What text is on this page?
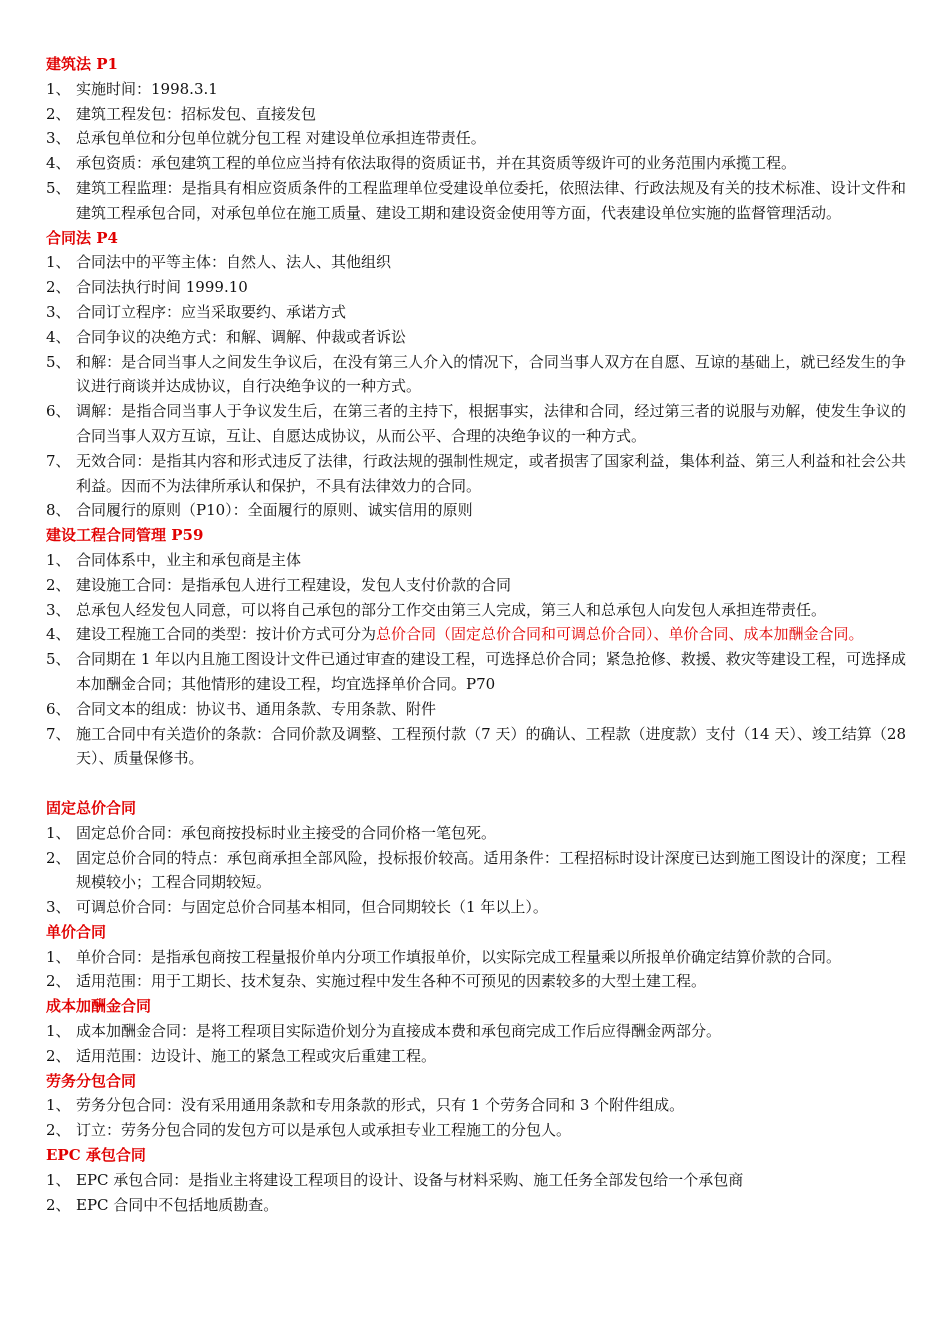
建筑法 P1
1、 实施时间：1998.3.1
2、 建筑工程发包：招标发包、直接发包
3、 总承包单位和分包单位就分包工程 对建设单位承担连带责任。
4、 承包资质：承包建筑工程的单位应当持有依法取得的资质证书，并在其资质等级许可的业务范围内承揽工程。
5、 建筑工程监理：是指具有相应资质条件的工程监理单位受建设单位委托，依照法律、行政法规及有关的技术标准、设计文件和建筑工程承包合同，对承包单位在施工质量、建设工期和建设资金使用等方面，代表建设单位实施的监督管理活动。
合同法 P4
1、 合同法中的平等主体：自然人、法人、其他组织
2、 合同法执行时间 1999.10
3、 合同订立程序：应当采取要约、承诺方式
4、 合同争议的决绝方式：和解、调解、仲裁或者诉讼
5、 和解：是合同当事人之间发生争议后，在没有第三人介入的情况下，合同当事人双方在自愿、互谅的基础上，就已经发生的争议进行商谈并达成协议，自行决绝争议的一种方式。
6、 调解：是指合同当事人于争议发生后，在第三者的主持下，根据事实，法律和合同，经过第三者的说服与劝解，使发生争议的合同当事人双方互谅，互让、自愿达成协议，从而公平、合理的决绝争议的一种方式。
7、 无效合同：是指其内容和形式违反了法律，行政法规的强制性规定，或者损害了国家利益，集体利益、第三人利益和社会公共利益。因而不为法律所承认和保护，不具有法律效力的合同。
8、 合同履行的原则（P10）：全面履行的原则、诚实信用的原则
建设工程合同管理 P59
1、 合同体系中，业主和承包商是主体
2、 建设施工合同：是指承包人进行工程建设，发包人支付价款的合同
3、 总承包人经发包人同意，可以将自己承包的部分工作交由第三人完成，第三人和总承包人向发包人承担连带责任。
4、 建设工程施工合同的类型：按计价方式可分为总价合同（固定总价合同和可调总价合同）、单价合同、成本加酬金合同。
5、 合同期在 1 年以内且施工图设计文件已通过审查的建设工程，可选择总价合同；紧急抢修、救援、救灾等建设工程，可选择成本加酬金合同；其他情形的建设工程，均宜选择单价合同。P70
6、 合同文本的组成：协议书、通用条款、专用条款、附件
7、 施工合同中有关造价的条款：合同价款及调整、工程预付款（7 天）的确认、工程款（进度款）支付（14 天）、竣工结算（28 天）、质量保修书。
固定总价合同
1、 固定总价合同：承包商按投标时业主接受的合同价格一笔包死。
2、 固定总价合同的特点：承包商承担全部风险，投标报价较高。适用条件：工程招标时设计深度已达到施工图设计的深度；工程规模较小；工程合同期较短。
3、 可调总价合同：与固定总价合同基本相同，但合同期较长（1 年以上）。
单价合同
1、 单价合同：是指承包商按工程量报价单内分项工作填报单价，以实际完成工程量乘以所报单价确定结算价款的合同。
2、 适用范围：用于工期长、技术复杂、实施过程中发生各种不可预见的因素较多的大型土建工程。
成本加酬金合同
1、 成本加酬金合同：是将工程项目实际造价划分为直接成本费和承包商完成工作后应得酬金两部分。
2、 适用范围：边设计、施工的紧急工程或灾后重建工程。
劳务分包合同
1、 劳务分包合同：没有采用通用条款和专用条款的形式，只有 1 个劳务合同和 3 个附件组成。
2、 订立：劳务分包合同的发包方可以是承包人或承担专业工程施工的分包人。
EPC 承包合同
1、 EPC 承包合同：是指业主将建设工程项目的设计、设备与材料采购、施工任务全部发包给一个承包商
2、 EPC 合同中不包括地质勘查。
